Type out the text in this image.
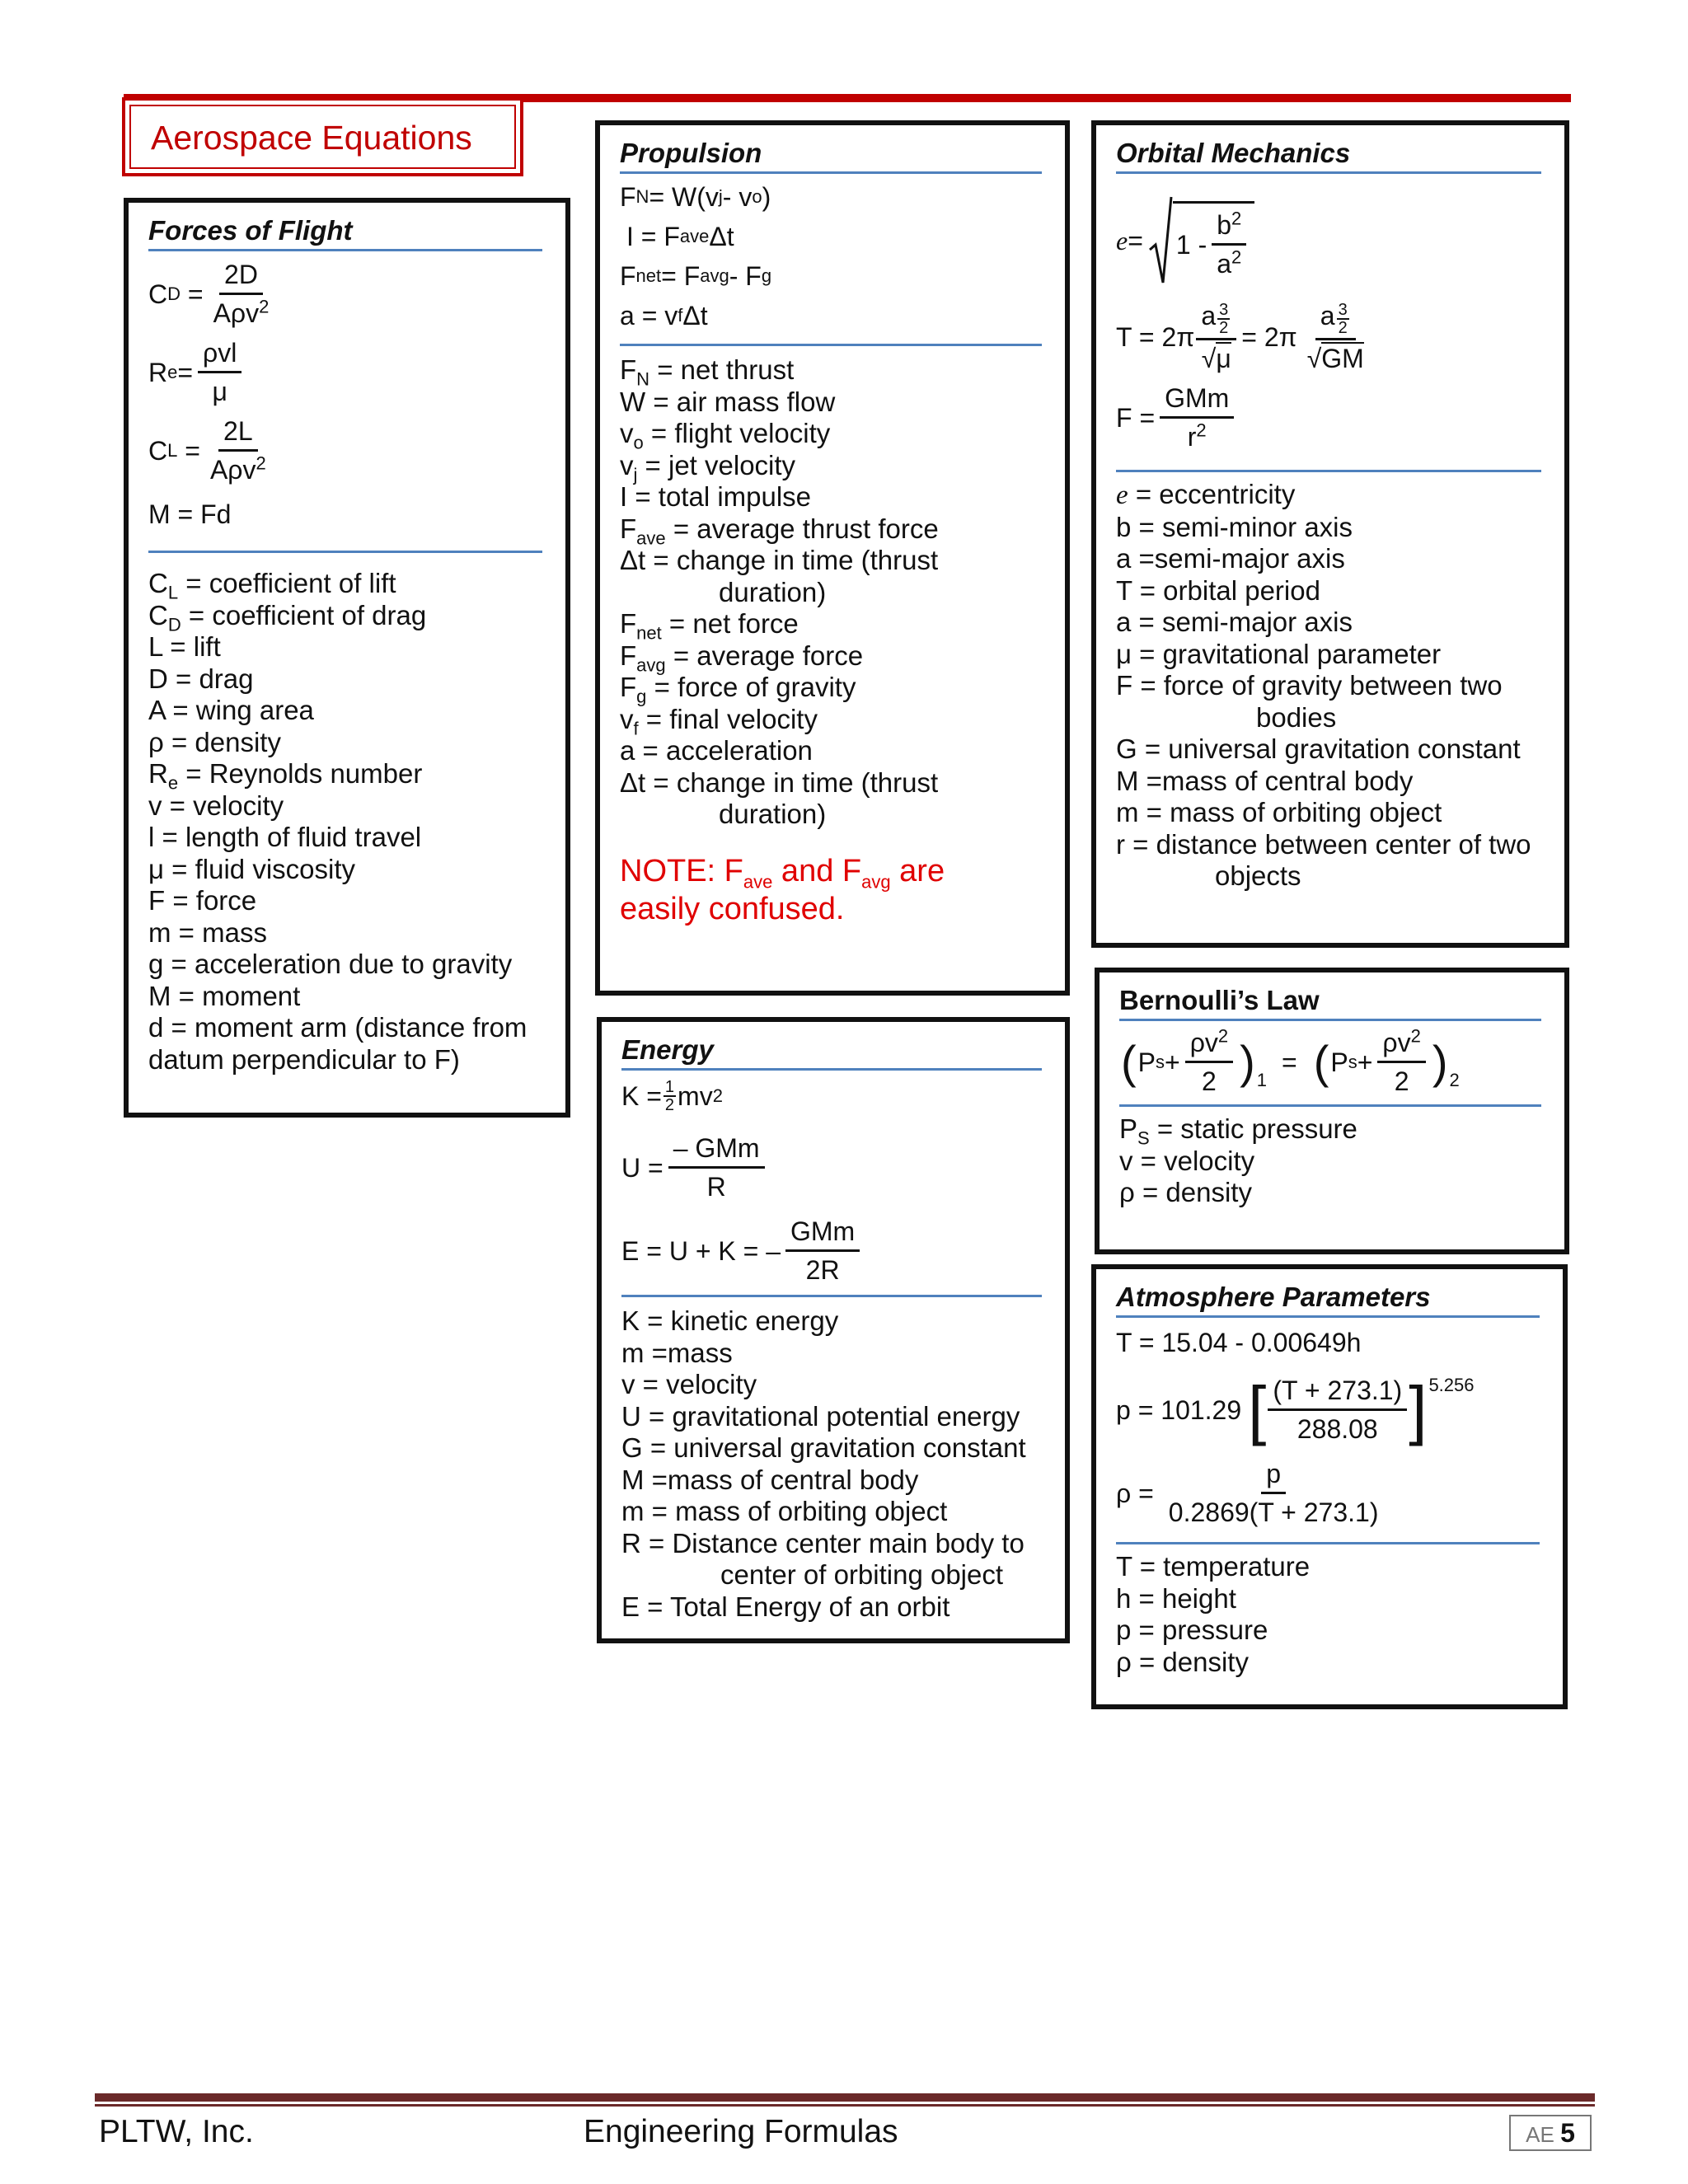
Aerospace Equations
Forces of Flight
C $D = \frac{2D}{A\rho v^2}$
R $e = \frac{\text{ρvl}}{\mu}$
C $L = \frac{2L}{A\rho v^2}$
M = Fd
$C_L$ = coefficient of lift
$C_D$ = coefficient of drag
L = lift
D = drag
A = wing area
ρ = density
$R_e$ = Reynolds number
v = velocity
l = length of fluid travel
μ = fluid viscosity
F = force
m = mass
g = acceleration due to gravity
M = moment
d = moment arm (distance from
datum perpendicular to F)
Propulsion
F N = W(v j - v o )
I = F ave Δt
F net = F avg - F g
a = v f Δt
$F_N$ = net thrust
W = air mass flow
$v_o$ = flight velocity
$v_j$ = jet velocity
I = total impulse
$F_{ave}$ = average thrust force
Δt = change in time (thrust
duration)
$F_{net}$ = net force
$F_{avg}$ = average force
$F_g$ = force of gravity
$v_f$ = final velocity
a = acceleration
Δt = change in time (thrust
duration)
NOTE: $F_{ave}$ and $F_{avg}$ are
easily confused.
Energy
$K = \frac{1}{2}$ mv 2
$U = \frac{\text{– GMm}}{R}$
E = U + K = – $\frac{\text{GMm}}{2R}$
K = kinetic energy
m =mass
v = velocity
U = gravitational potential energy
G = universal gravitation constant
M =mass of central body
m = mass of orbiting object
R = Distance center main body to
center of orbiting object
E = Total Energy of an orbit
Orbital Mechanics
$e = 1 - \frac{b^2}{a^2}$
$T = 2\pi \frac{a \frac{3}{2}}{√\mu} = 2\pi \frac{a \frac{3}{2}}{√GM}$
$F = \frac{\text{GMm}}{r^2}$
e = eccentricity
b = semi-minor axis
a =semi-major axis
T = orbital period
a = semi-major axis
μ = gravitational parameter
F = force of gravity between two
bodies
G = universal gravitation constant
M =mass of central body
m = mass of orbiting object
r = distance between center of two
objects
Bernoulli’s Law
( P $s + \frac{\rho v^2}{2} )_1$
= ( P $s + \frac{\rho v^2}{2} )_2$
$P_S$ = static pressure
v = velocity
ρ = density
Atmosphere Parameters
T = 15.04 - 0.00649h
p = 101.29 [ $\frac{(T + 273.1)}{288.08} ]^{5.256}$
$\rho = \frac{p}{0.2869(T + 273.1)}$
T = temperature
h = height
p = pressure
ρ = density
PLTW, Inc.	Engineering Formulas	AE 5
